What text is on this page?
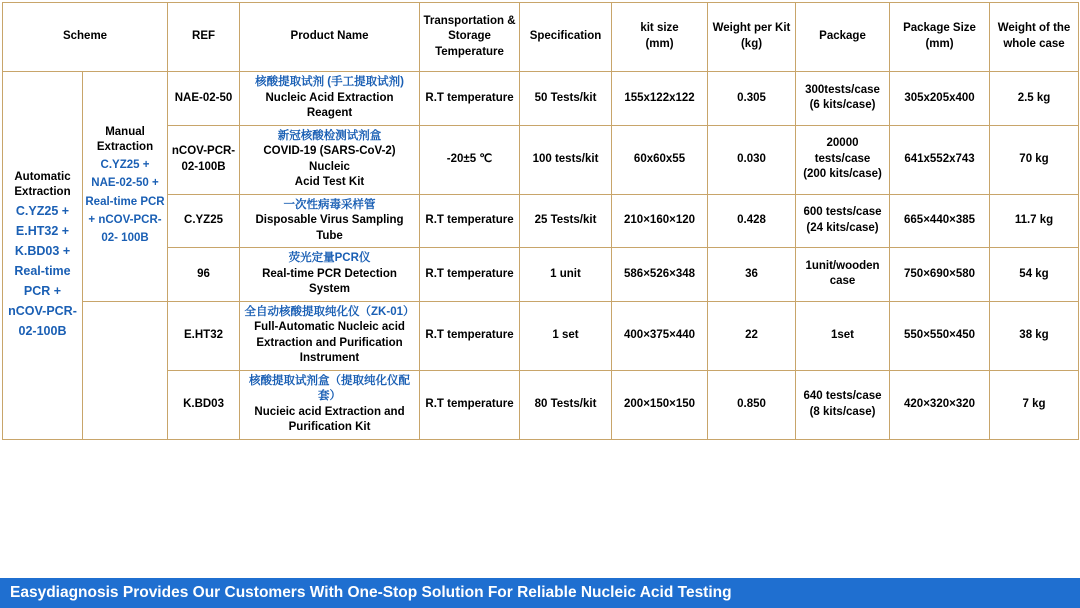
Scheme		REF	Product Name	Transportation &
Storage
Temperature	Specification	kit size
(mm)	Weight per Kit
(kg)	Package	Package Size
(mm)	Weight of the
whole case

Automatic Extraction
C.YZ25 + E.HT32 + K.BD03 + Real-time PCR + nCOV-PCR- 02-100B	Manual Extraction
C.YZ25 + NAE-02-50 + Real-time PCR + nCOV-PCR-02- 100B	NAE-02-50	核酸提取试剂 (手工提取试剂)
Nucleic Acid Extraction Reagent	R.T temperature	50 Tests/kit	155x122x122	0.305	300tests/case
(6 kits/case)	305x205x400	2.5 kg
		nCOV-PCR-02-100B	新冠核酸检测试剂盒
COVID-19 (SARS-CoV-2) Nucleic
Acid Test Kit	-20±5 ℃	100 tests/kit	60x60x55	0.030	20000
tests/case
(200 kits/case)	641x552x743	70 kg
		C.YZ25	一次性病毒采样管
Disposable Virus Sampling Tube	R.T temperature	25 Tests/kit	210×160×120	0.428	600 tests/case
(24 kits/case)	665×440×385	11.7 kg
		96	荧光定量PCR仪
Real-time PCR Detection System	R.T temperature	1 unit	586×526×348	36	1unit/wooden
case	750×690×580	54 kg
		E.HT32	全自动核酸提取纯化仪（ZK-01）
Full-Automatic Nucleic acid
Extraction and Purification
Instrument	R.T temperature	1 set	400×375×440	22	1set	550×550×450	38 kg
		K.BD03	核酸提取试剂盒（提取纯化仪配套）
Nucieic acid Extraction and
Purification Kit	R.T temperature	80 Tests/kit	200×150×150	0.850	640 tests/case
(8 kits/case)	420×320×320	7 kg
Easydiagnosis Provides Our Customers With One-Stop Solution For Reliable Nucleic Acid Testing
